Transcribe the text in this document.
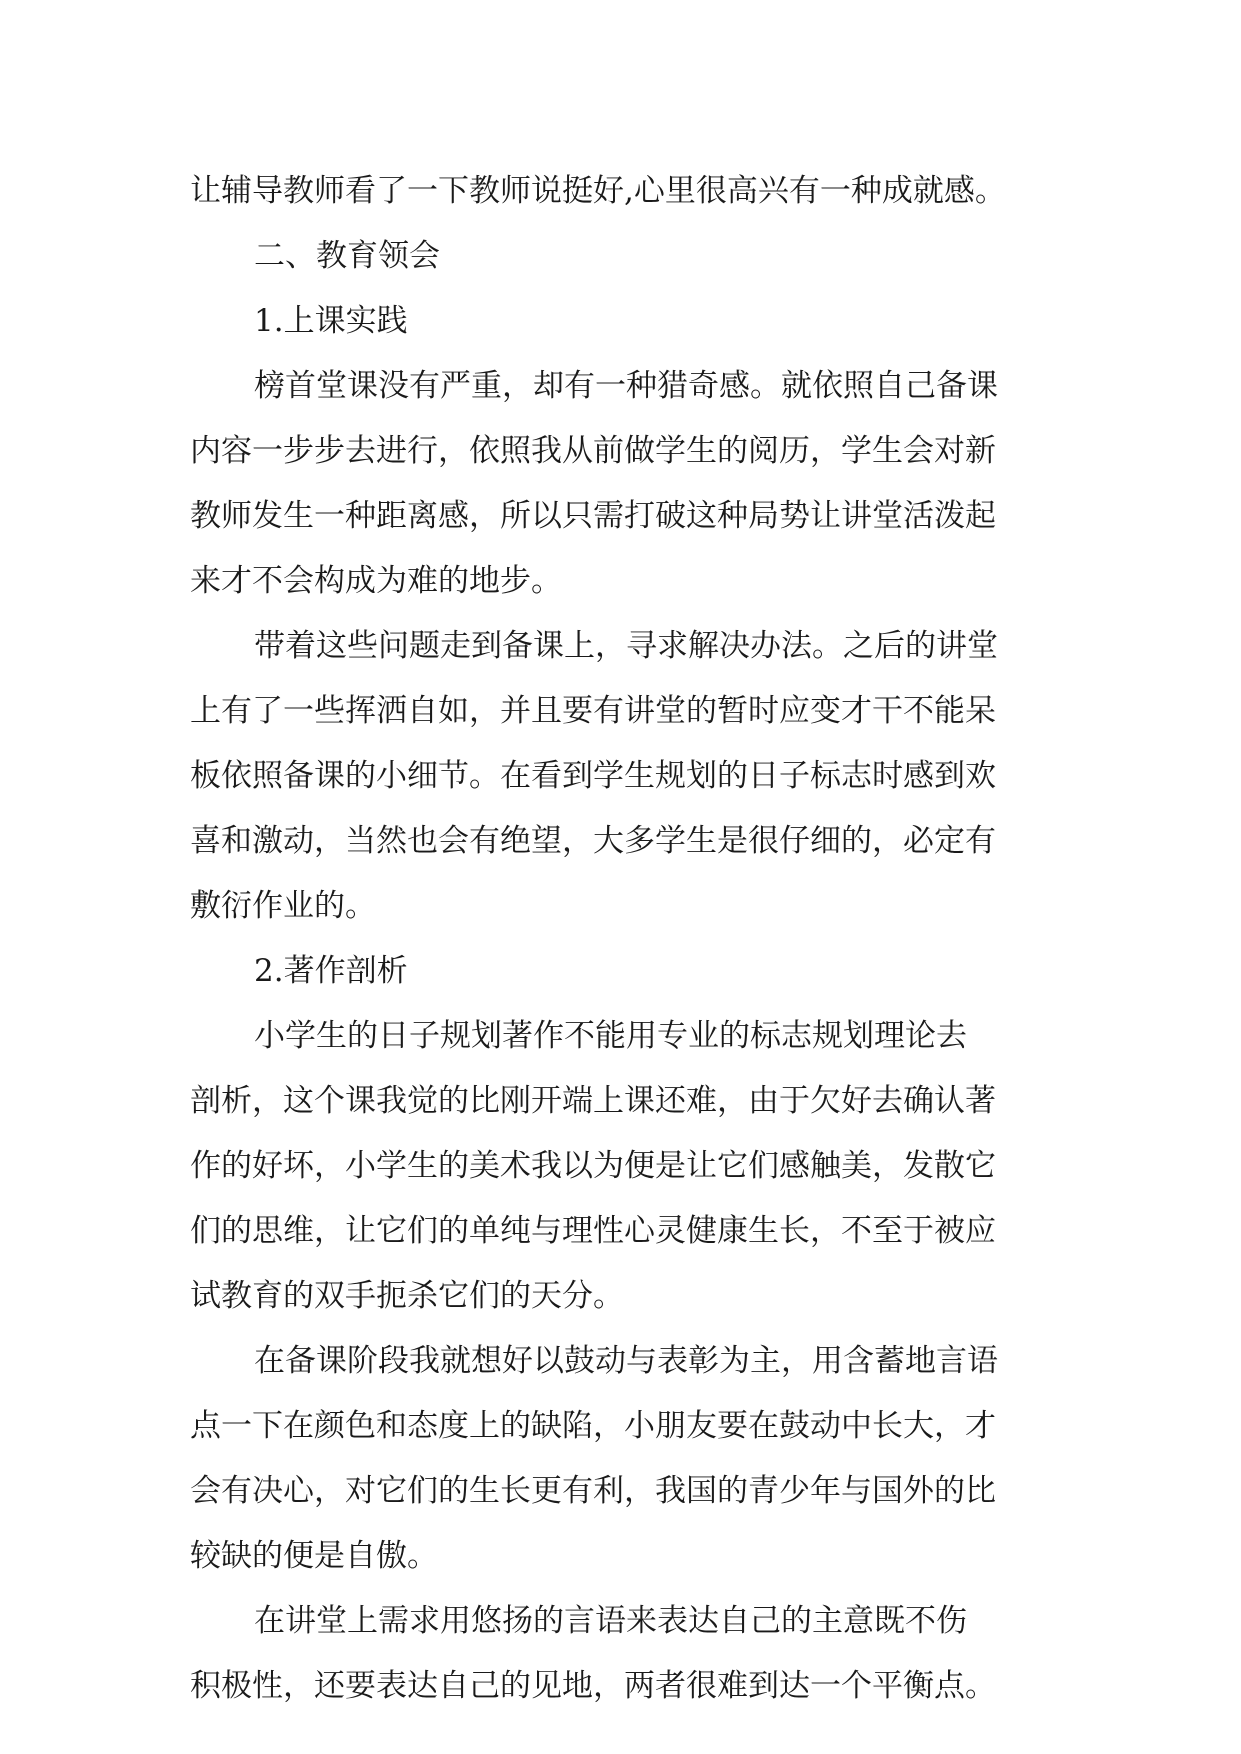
让辅导教师看了一下教师说挺好,心里很高兴有一种成就感。
二、教育领会
1.上课实践
榜首堂课没有严重，却有一种猎奇感。就依照自己备课
内容一步步去进行，依照我从前做学生的阅历，学生会对新
教师发生一种距离感，所以只需打破这种局势让讲堂活泼起
来才不会构成为难的地步。
带着这些问题走到备课上，寻求解决办法。之后的讲堂
上有了一些挥洒自如，并且要有讲堂的暂时应变才干不能呆
板依照备课的小细节。在看到学生规划的日子标志时感到欢
喜和激动，当然也会有绝望，大多学生是很仔细的，必定有
敷衍作业的。
2.著作剖析
小学生的日子规划著作不能用专业的标志规划理论去
剖析，这个课我觉的比刚开端上课还难，由于欠好去确认著
作的好坏，小学生的美术我以为便是让它们感触美，发散它
们的思维，让它们的单纯与理性心灵健康生长，不至于被应
试教育的双手扼杀它们的天分。
在备课阶段我就想好以鼓动与表彰为主，用含蓄地言语
点一下在颜色和态度上的缺陷，小朋友要在鼓动中长大，才
会有决心，对它们的生长更有利，我国的青少年与国外的比
较缺的便是自傲。
在讲堂上需求用悠扬的言语来表达自己的主意既不伤
积极性，还要表达自己的见地，两者很难到达一个平衡点。
